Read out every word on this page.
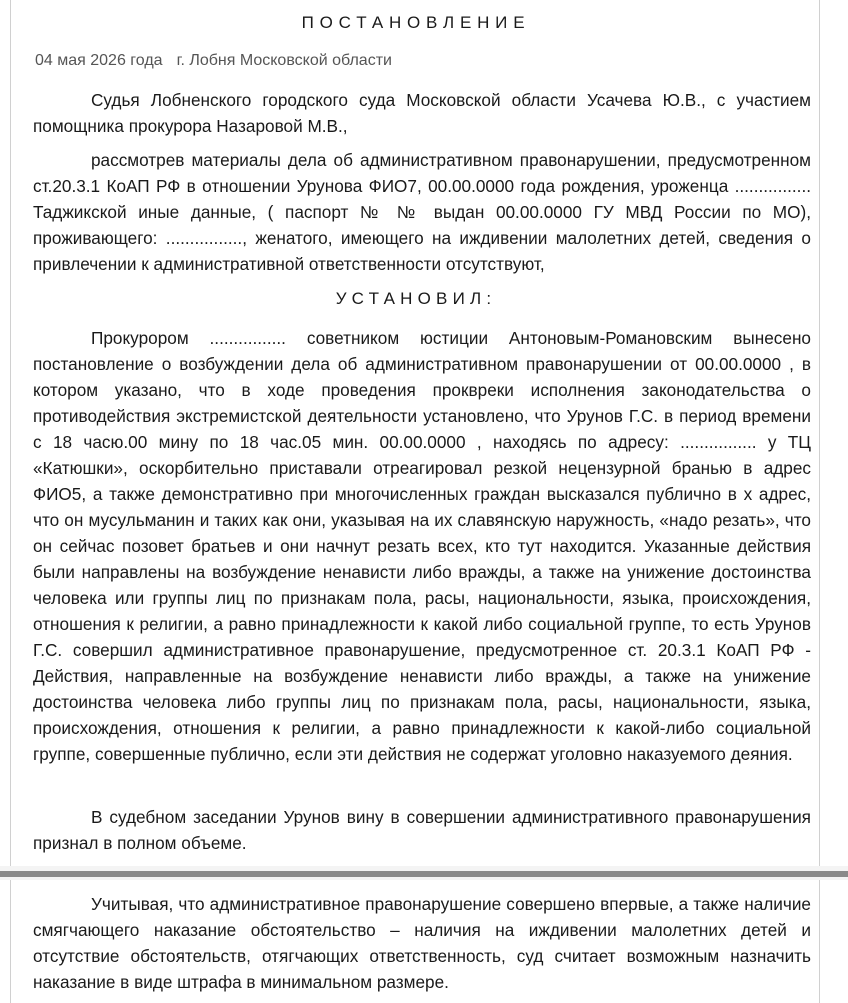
ПОСТАНОВЛЕНИЕ
04 мая 2026 года г. Лобня Московской области

Судья Лобненского городского суда Московской области Усачева Ю.В., с участием помощника прокурора Назаровой М.В.,

рассмотрев материалы дела об административном правонарушении, предусмотренном ст.20.3.1 КоАП РФ в отношении Урунова ФИО7, 00.00.0000 года рождения, уроженца ................ Таджикской иные данные, ( паспорт № № выдан 00.00.0000 ГУ МВД России по МО), проживающего: ................, женатого, имеющего на иждивении малолетних детей, сведения о привлечении к административной ответственности отсутствуют,

УСТАНОВИЛ:

Прокурором ................ советником юстиции Антоновым-Романовским вынесено постановление о возбуждении дела об административном правонарушении от 00.00.0000 , в котором указано, что в ходе проведения проквреки исполнения законодательства о противодействия экстремистской деятельности установлено, что Урунов Г.С. в период времени с 18 часю.00 мину по 18 час.05 мин. 00.00.0000 , находясь по адресу: ................ у ТЦ «Катюшки», оскорбительно приставали отреагировал резкой нецензурной бранью в адрес ФИО5, а также демонстративно при многочисленных граждан высказался публично в х адрес, что он мусульманин и таких как они, указывая на их славянскую наружность, «надо резать», что он сейчас позовет братьев и они начнут резать всех, кто тут находится. Указанные действия были направлены на возбуждение ненависти либо вражды, а также на унижение достоинства человека или группы лиц по признакам пола, расы, национальности, языка, происхождения, отношения к религии, а равно принадлежности к какой либо социальной группе, то есть Урунов Г.С. совершил административное правонарушение, предусмотренное ст. 20.3.1 КоАП РФ - Действия, направленные на возбуждение ненависти либо вражды, а также на унижение достоинства человека либо группы лиц по признакам пола, расы, национальности, языка, происхождения, отношения к религии, а равно принадлежности к какой-либо социальной группе, совершенные публично, если эти действия не содержат уголовно наказуемого деяния.

В судебном заседании Урунов вину в совершении административного правонарушения признал в полном объеме.

Учитывая, что административное правонарушение совершено впервые, а также наличие смягчающего наказание обстоятельство – наличия на иждивении малолетних детей и отсутствие обстоятельств, отягчающих ответственность, суд считает возможным назначить наказание в виде штрафа в минимальном размере.
